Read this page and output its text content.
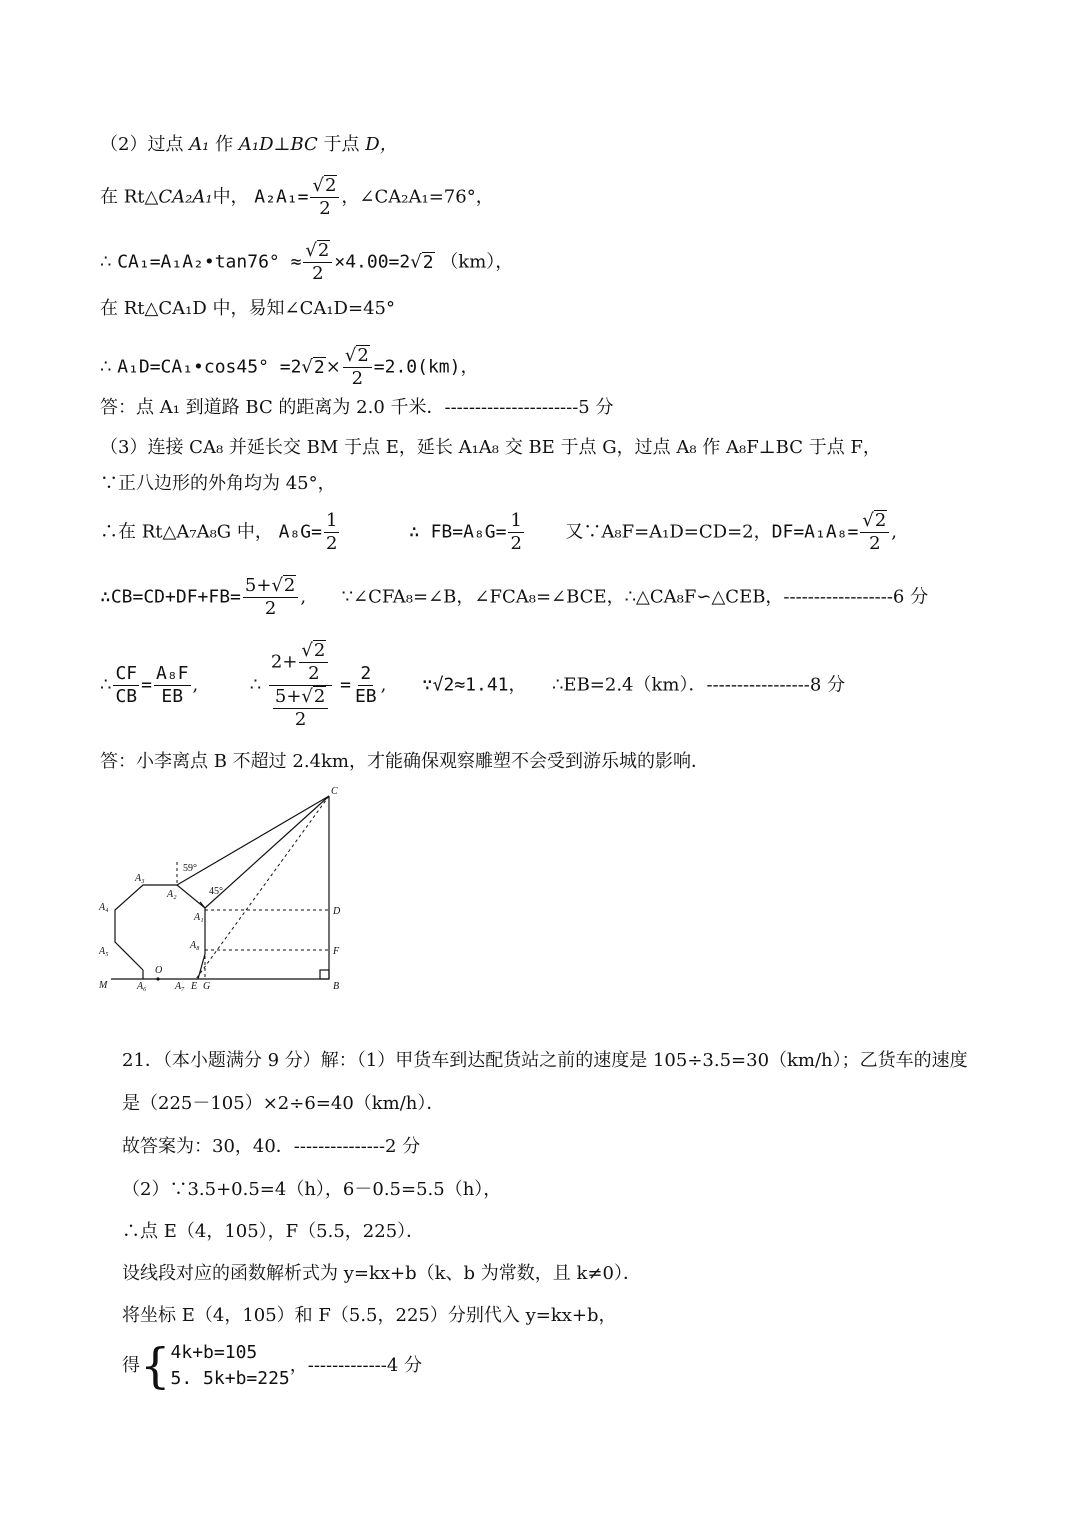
（2）过点 A₁ 作 A₁D⊥BC 于点 D，
在 Rt△CA₂A₁中， $A_2A_1= \frac{√2}{2}$ ，∠CA₂A₁=76°，
∴ CA₁=A₁A₂•tan76° ≈ $\frac{√2}{2} \times 4.00=2√2$ （km），
在 Rt△CA₁D 中，易知∠CA₁D=45°
∴ A₁D=CA₁•cos45° $=2√2\times \frac{√2}{2} =2.0(km)$，
答：点 A₁ 到道路 BC 的距离为 2.0 千米．----------------------5 分
（3）连接 CA₈ 并延长交 BM 于点 E，延长 A₁A₈ 交 BE 于点 G，过点 A₈ 作 A₈F⊥BC 于点 F，
∵正八边形的外角均为 45°，
∴在 Rt△A₇A₈G 中， $A_8G= \frac{1}{2}$	∴ $FB=A_8G= \frac{1}{2}$ 又∵A₈F=A₁D=CD=2，$DF=A_1A_8= \frac{√2}{2}$ ,
∴CB=CD+DF+FB= $\frac{5+√2}{2}$ ,  ∵∠CFA₈=∠B，∠FCA₈=∠BCE，∴△CA₈F∽△CEB，------------------6 分
∴ $\frac{CF}{CB} = \frac{\text{A₈F}}{EB}$ ,	∴ $\frac{2+ \frac{√2}{2}}{\frac{5+√2}{2}} = \frac{2}{EB}$ ,  ∵√2≈1.41， ∴EB=2.4（km）．-----------------8 分
答：小李离点 B 不超过 2.4km，才能确保观察雕塑不会受到游乐城的影响．
C
59°
A₃
A₂	45°
A₄
A₁
D
A₅
A₈
F
M
O
A₆	A₇ E G	B
21．（本小题满分 9 分）解：（1）甲货车到达配货站之前的速度是 105÷3.5=30（km/h）；乙货车的速度
是（225－105）×2÷6=40（km/h）．
故答案为：30，40．---------------2 分
（2）∵3.5+0.5=4（h），6－0.5=5.5（h），
∴点 E（4，105），F（5.5，225）．
设线段对应的函数解析式为 y=kx+b（k、b 为常数，且 k≠0）．
将坐标 E（4，105）和 F（5.5，225）分别代入 y=kx+b，
得{ 4k+b=105
5. 5k+b=225
，-------------4 分
